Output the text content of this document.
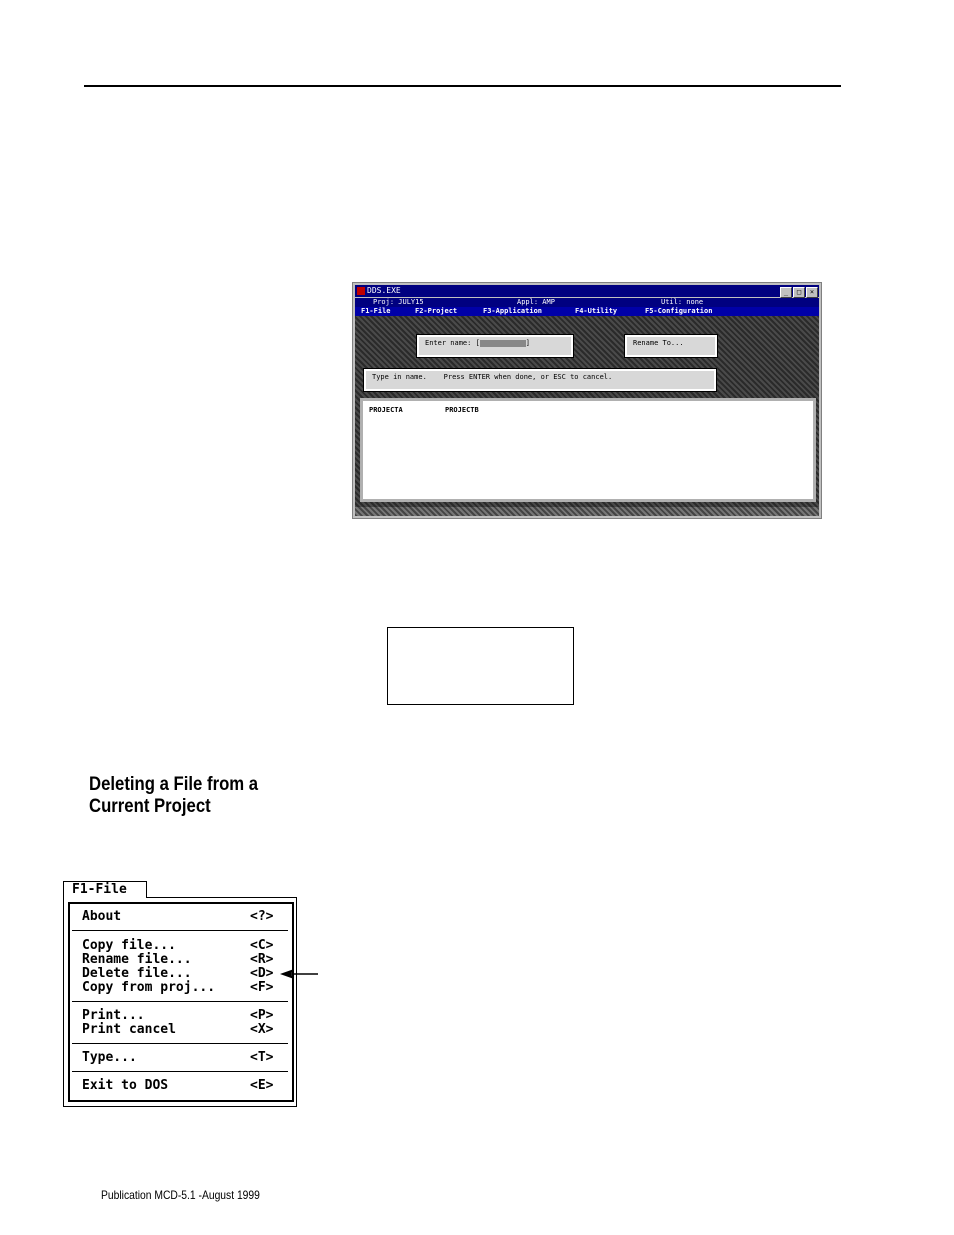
DDS.EXE	_ □ ×

Proj: JULY15

	Appl: AMP

	Util: none

F1-File

	F2-Project

	F3-Application

	F4-Utility

	F5-Configuration

Enter name: [	]	Rename To...
Type in name.    Press ENTER when done, or ESC to cancel.
PROJECTA	PROJECTB
Deleting a File from a Current Project
F1-File
About	<?>
Copy file...	<C>
Rename file...	<R>
Delete file...	<D>
Copy from proj...	<F>
Print...	<P>
Print cancel	<X>
Type...	<T>
Exit to DOS	<E>
Publication MCD-5.1 -August 1999
